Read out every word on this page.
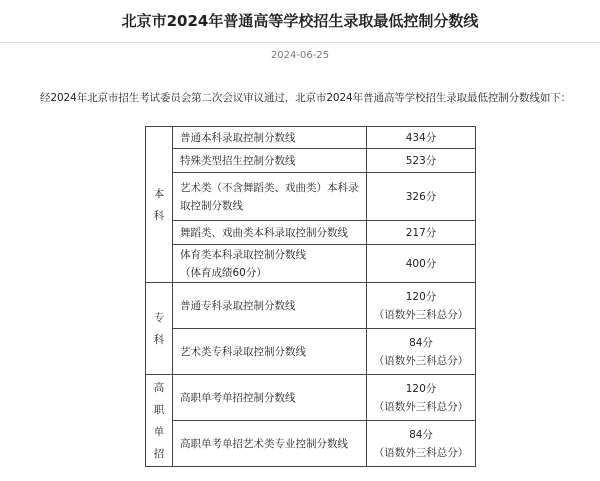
北京市2024年普通高等学校招生录取最低控制分数线
2024-06-25
经2024年北京市招生考试委员会第二次会议审议通过，北京市2024年普通高等学校招生录取最低控制分数线如下：
本
科	普通本科录取控制分数线	434分
	特殊类型招生控制分数线	523分

	艺术类（不含舞蹈类、戏曲类）本科录
取控制分数线	326分
	舞蹈类、戏曲类本科录取控制分数线	217分

	体育类本科录取控制分数线
（体育成绩60分）	400分

专
科	普通专科录取控制分数线	120分
（语数外三科总分）

	艺术类专科录取控制分数线	84分
（语数外三科总分）

高
职
单
招	高职单考单招控制分数线	120分
（语数外三科总分）

	高职单考单招艺术类专业控制分数线	84分
（语数外三科总分）
